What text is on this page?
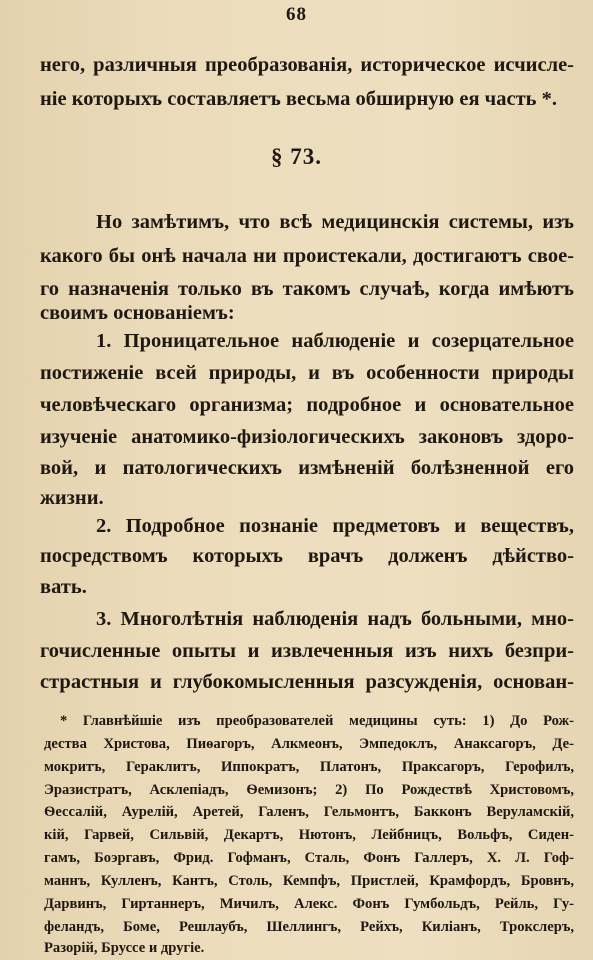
68
него, различныя преобразованія, историческое исчисле-
ніе которыхъ составляетъ весьма обширную ея часть *.
§ 73.
Но замѣтимъ, что всѣ медицинскія системы, изъ
какого бы онѣ начала ни проистекали, достигаютъ свое-
го назначенія только въ такомъ случаѣ, когда имѣютъ
своимъ основаніемъ:
1. Проницательное наблюденіе и созерцательное
постиженіе всей природы, и въ особенности природы
человѣческаго организма; подробное и основательное
изученіе анатомико-физіологическихъ законовъ здоро-
вой, и патологическихъ измѣненій болѣзненной его
жизни.
2. Подробное познаніе предметовъ и веществъ,
посредствомъ которыхъ врачъ долженъ дѣйство-
вать.
3. Многолѣтнія наблюденія надъ больными, мно-
гочисленные опыты и извлеченныя изъ нихъ безпри-
страстныя и глубокомысленныя разсужденія, основан-
* Главнѣйшіе изъ преобразователей медицины суть: 1) До Рож-
дества Христова, Пиѳагоръ, Алкмеонъ, Эмпедоклъ, Анаксагоръ, Де-
мокритъ, Гераклитъ, Иппократъ, Платонъ, Праксагоръ, Герофилъ,
Эразистратъ, Асклепіадъ, Ѳемизонъ; 2) По Рождествѣ Христовомъ,
Ѳессалій, Аурелій, Аретей, Галенъ, Гельмонтъ, Бакконъ Веруламскій,
кій, Гарвей, Сильвій, Декартъ, Нютонъ, Лейбницъ, Вольфъ, Сиден-
гамъ, Боэргавъ, Фрид. Гофманъ, Сталь, Фонъ Галлеръ, Х. Л. Гоф-
маннъ, Кулленъ, Кантъ, Столь, Кемпфъ, Пристлей, Крамфордъ, Бровнъ,
Дарвинъ, Гиртаннеръ, Мичилъ, Алекс. Фонъ Гумбольдъ, Рейль, Гу-
феландъ, Боме, Решлаубъ, Шеллингъ, Рейхъ, Киліанъ, Трокслеръ,
Разорій, Бруссе и другіе.
